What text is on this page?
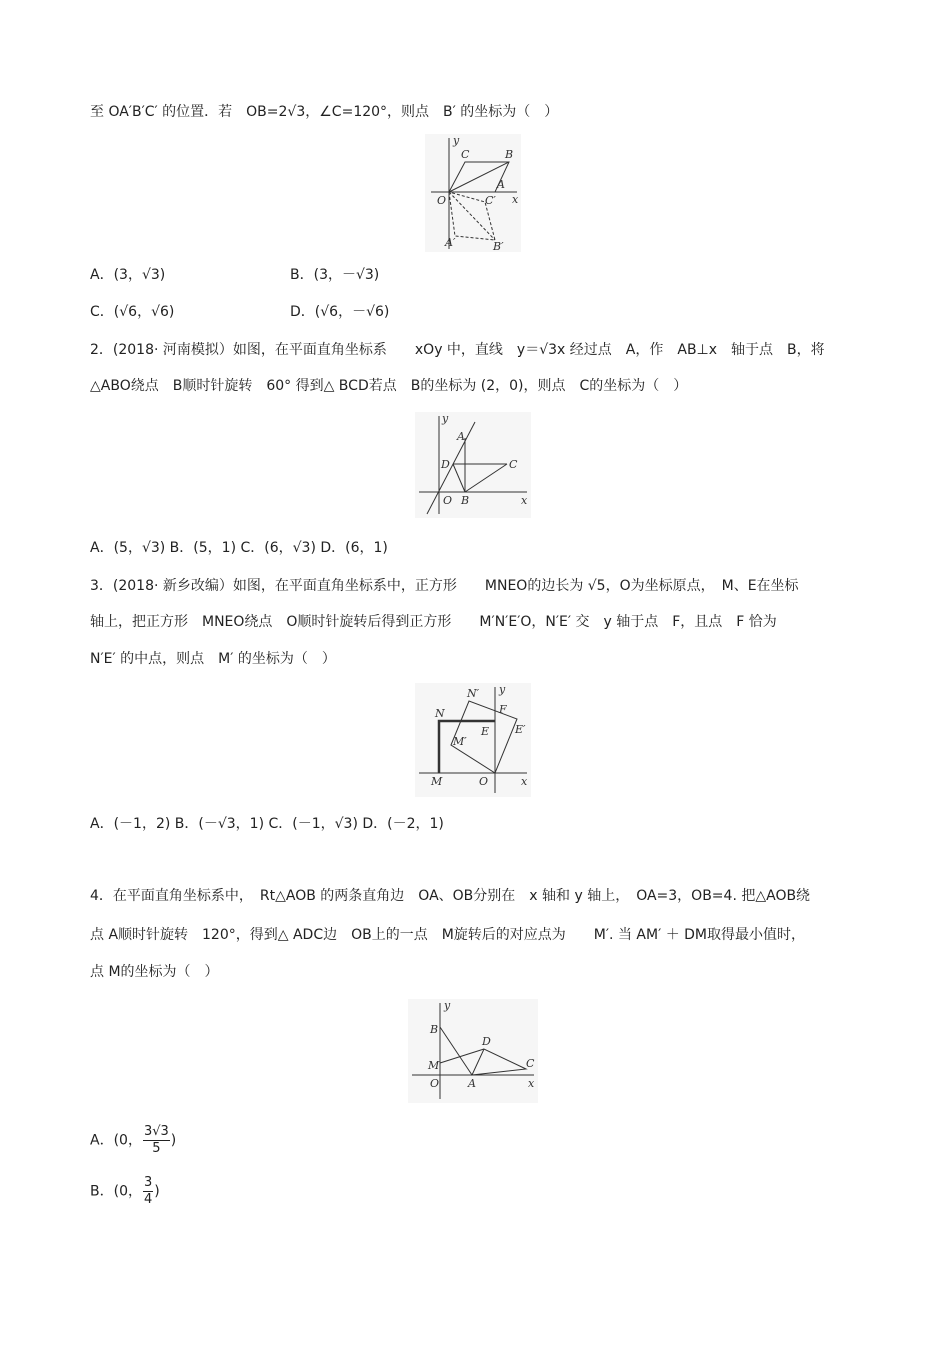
至 OA′B′C′ 的位置．若　OB=2√3，∠C=120°，则点　B′ 的坐标为（　）
y
x
O
C	B
A
C′
A′	B′
A．(3，√3)	B．(3，－√3)
C．(√6，√6)	D．(√6，－√6)
2．(2018· 河南模拟）如图，在平面直角坐标系　　xOy 中，直线　y＝√3x 经过点　A，作　AB⊥x　轴于点　B，将
△ABO绕点　B顺时针旋转　60° 得到△ BCD若点　B的坐标为 (2，0)，则点　C的坐标为（　）
y
x
O B
A
D	C
A．(5，√3) B．(5，1) C．(6，√3) D．(6，1)
3．(2018· 新乡改编）如图，在平面直角坐标系中，正方形　　MNEO的边长为 √5，O为坐标原点，　M、E在坐标
轴上，把正方形　MNEO绕点　O顺时针旋转后得到正方形　　M′N′E′O，N′E′ 交　y 轴于点　F，且点　F 恰为
N′E′ 的中点，则点　M′ 的坐标为（　）
y
x
O
M
N
E
F
N′
M′
E′
A．(－1，2) B．(－√3，1) C．(－1，√3) D．(－2，1)
4．在平面直角坐标系中，　Rt△AOB 的两条直角边　OA、OB分别在　x 轴和 y 轴上，　OA=3，OB=4. 把△AOB绕
点 A顺时针旋转　120°，得到△ ADC边　OB上的一点　M旋转后的对应点为　　M′. 当 AM′ ＋ DM取得最小值时，
点 M的坐标为（　）
y
x
O	A
B
M
D
C
A．(0， $\frac{3√3}{5}$ )
B．(0， $\frac{3}{4}$ )
